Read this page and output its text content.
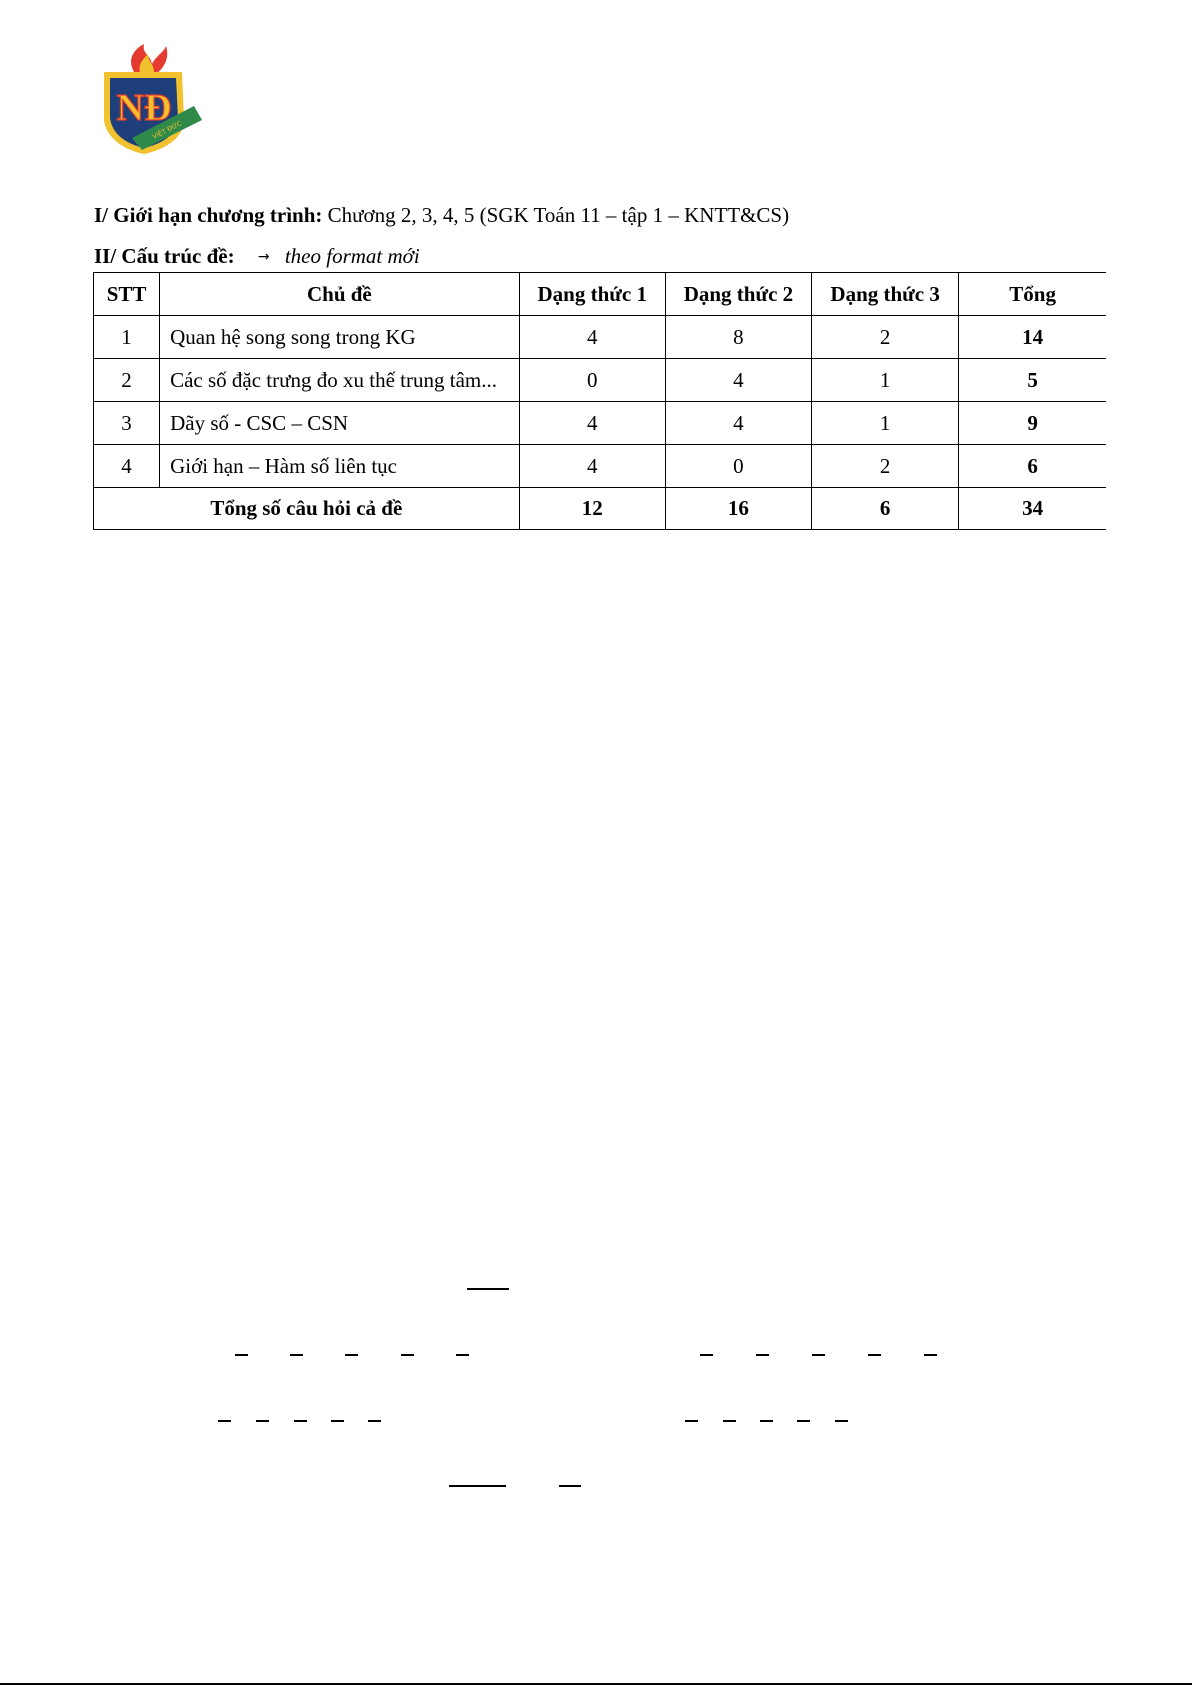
NĐ
VIỆT ĐỨC
I/ Giới hạn chương trình: Chương 2, 3, 4, 5 (SGK Toán 11 – tập 1 – KNTT&CS)
II/ Cấu trúc đề: → theo format mới
STT	Chủ đề	Dạng thức 1	Dạng thức 2	Dạng thức 3	Tổng
1	Quan hệ song song trong KG	4	8	2	14
2	Các số đặc trưng đo xu thế trung tâm...	0	4	1	5
3	Dãy số - CSC – CSN	4	4	1	9
4	Giới hạn – Hàm số liên tục	4	0	2	6
Tổng số câu hỏi cả đề		12	16	6	34
